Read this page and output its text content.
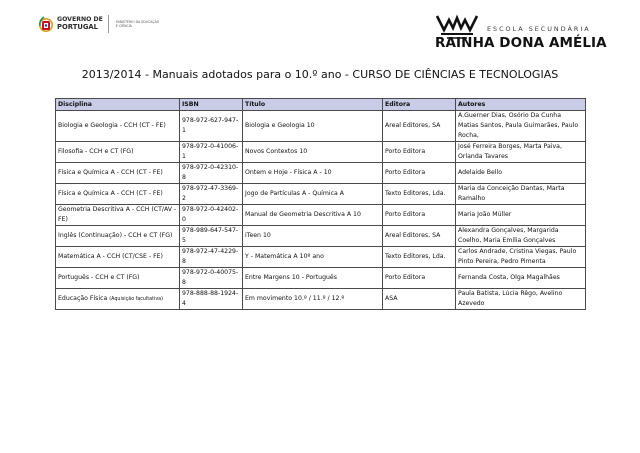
GOVERNO DE
PORTUGAL
MINISTÉRIO DA EDUCAÇÃO
E CIÊNCIA	ESCOLA SECUNDÁRIA
RAINHA DONA AMÉLIA
2013/2014 - Manuais adotados para o 10.º ano - CURSO DE CIÊNCIAS E TECNOLOGIAS
Disciplina	ISBN	Título	Editora	Autores
Biologia e Geologia - CCH (CT - FE)	978-972-627-947-1	Biologia e Geologia 10	Areal Editores, SA	A.Guerner Dias, Osório Da Cunha Matias Santos, Paula Guimarães, Paulo Rocha,
Filosofia - CCH e CT (FG)	978-972-0-41006-1	Novos Contextos 10	Porto Editora	José Ferreira Borges, Marta Paiva, Orlanda Tavares
Física e Química A - CCH (CT - FE)	978-972-0-42310-8	Ontem e Hoje - Física A - 10	Porto Editora	Adelaide Bello
Física e Química A - CCH (CT - FE)	978-972-47-3369-2	Jogo de Partículas A - Química A	Texto Editores, Lda.	Maria da Conceição Dantas, Marta Ramalho
Geometria Descritiva A - CCH (CT/AV - FE)	978-972-0-42402-0	Manual de Geometria Descritiva A 10	Porto Editora	Maria João Müller
Inglês (Continuação) - CCH e CT (FG)	978-989-647-547-5	iTeen 10	Areal Editores, SA	Alexandra Gonçalves, Margarida Coelho, Maria Emília Gonçalves
Matemática A - CCH (CT/CSE - FE)	978-972-47-4229-8	Y - Matemática A 10º ano	Texto Editores, Lda.	Carlos Andrade, Cristina Viegas, Paulo Pinto Pereira, Pedro Pimenta
Português - CCH e CT (FG)	978-972-0-40075-8	Entre Margens 10 - Português	Porto Editora	Fernanda Costa, Olga Magalhães
Educação Física (Aquisição facultativa)	978-888-88-1924-4	Em movimento 10.º / 11.º / 12.º	ASA	Paula Batista, Lúcia Rêgo, Avelino Azevedo
